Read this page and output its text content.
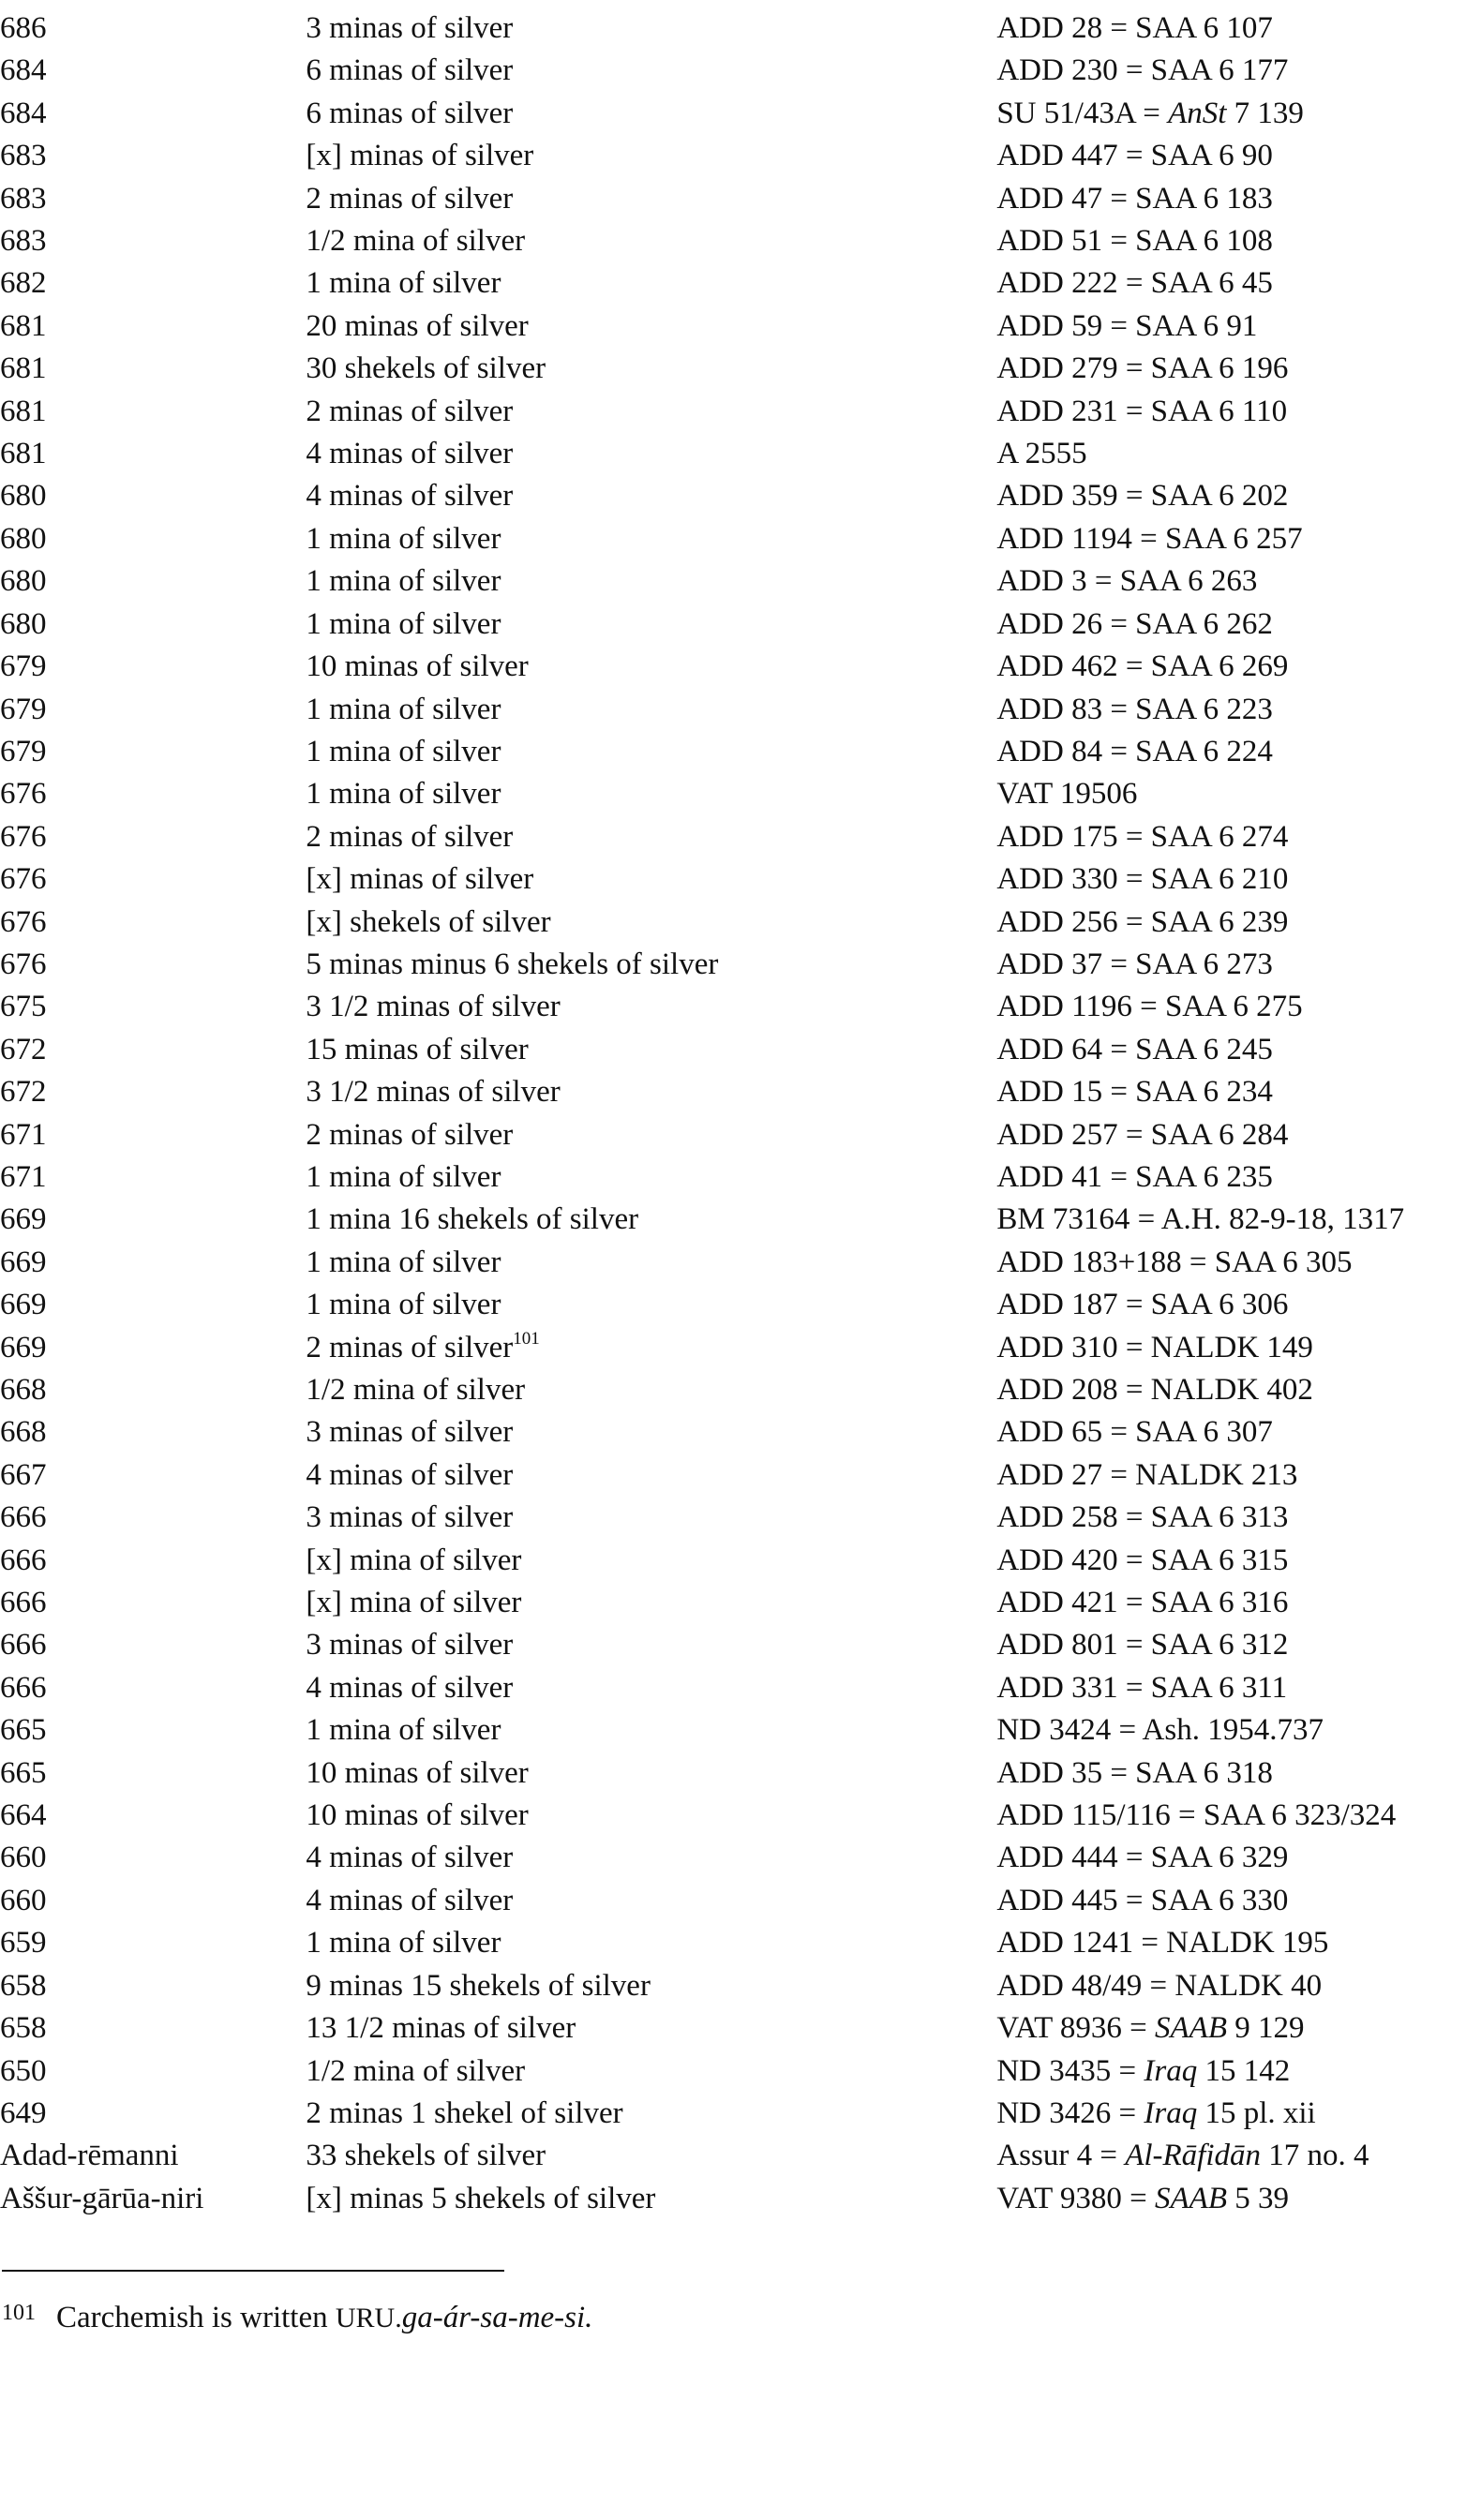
686	3 minas of silver	ADD 28 = SAA 6 107
684	6 minas of silver	ADD 230 = SAA 6 177
684	6 minas of silver	SU 51/43A = AnSt 7 139
683	[x] minas of silver	ADD 447 = SAA 6 90
683	2 minas of silver	ADD 47 = SAA 6 183
683	1/2 mina of silver	ADD 51 = SAA 6 108
682	1 mina of silver	ADD 222 = SAA 6 45
681	20 minas of silver	ADD 59 = SAA 6 91
681	30 shekels of silver	ADD 279 = SAA 6 196
681	2 minas of silver	ADD 231 = SAA 6 110
681	4 minas of silver	A 2555
680	4 minas of silver	ADD 359 = SAA 6 202
680	1 mina of silver	ADD 1194 = SAA 6 257
680	1 mina of silver	ADD 3 = SAA 6 263
680	1 mina of silver	ADD 26 = SAA 6 262
679	10 minas of silver	ADD 462 = SAA 6 269
679	1 mina of silver	ADD 83 = SAA 6 223
679	1 mina of silver	ADD 84 = SAA 6 224
676	1 mina of silver	VAT 19506
676	2 minas of silver	ADD 175 = SAA 6 274
676	[x] minas of silver	ADD 330 = SAA 6 210
676	[x] shekels of silver	ADD 256 = SAA 6 239
676	5 minas minus 6 shekels of silver	ADD 37 = SAA 6 273
675	3 1/2 minas of silver	ADD 1196 = SAA 6 275
672	15 minas of silver	ADD 64 = SAA 6 245
672	3 1/2 minas of silver	ADD 15 = SAA 6 234
671	2 minas of silver	ADD 257 = SAA 6 284
671	1 mina of silver	ADD 41 = SAA 6 235
669	1 mina 16 shekels of silver	BM 73164 = A.H. 82-9-18, 1317
669	1 mina of silver	ADD 183+188 = SAA 6 305
669	1 mina of silver	ADD 187 = SAA 6 306
669	2 minas of silver$^{101}$	ADD 310 = NALDK 149
668	1/2 mina of silver	ADD 208 = NALDK 402
668	3 minas of silver	ADD 65 = SAA 6 307
667	4 minas of silver	ADD 27 = NALDK 213
666	3 minas of silver	ADD 258 = SAA 6 313
666	[x] mina of silver	ADD 420 = SAA 6 315
666	[x] mina of silver	ADD 421 = SAA 6 316
666	3 minas of silver	ADD 801 = SAA 6 312
666	4 minas of silver	ADD 331 = SAA 6 311
665	1 mina of silver	ND 3424 = Ash. 1954.737
665	10 minas of silver	ADD 35 = SAA 6 318
664	10 minas of silver	ADD 115/116 = SAA 6 323/324
660	4 minas of silver	ADD 444 = SAA 6 329
660	4 minas of silver	ADD 445 = SAA 6 330
659	1 mina of silver	ADD 1241 = NALDK 195
658	9 minas 15 shekels of silver	ADD 48/49 = NALDK 40
658	13 1/2 minas of silver	VAT 8936 = SAAB 9 129
650	1/2 mina of silver	ND 3435 = Iraq 15 142
649	2 minas 1 shekel of silver	ND 3426 = Iraq 15 pl. xii
Adad-rēmanni	33 shekels of silver	Assur 4 = Al-Rāfidān 17 no. 4
Aššur-gārūa-niri	[x] minas 5 shekels of silver	VAT 9380 = SAAB 5 39
$^{101}$ Carchemish is written URU.ga-ár-sa-me-si.
